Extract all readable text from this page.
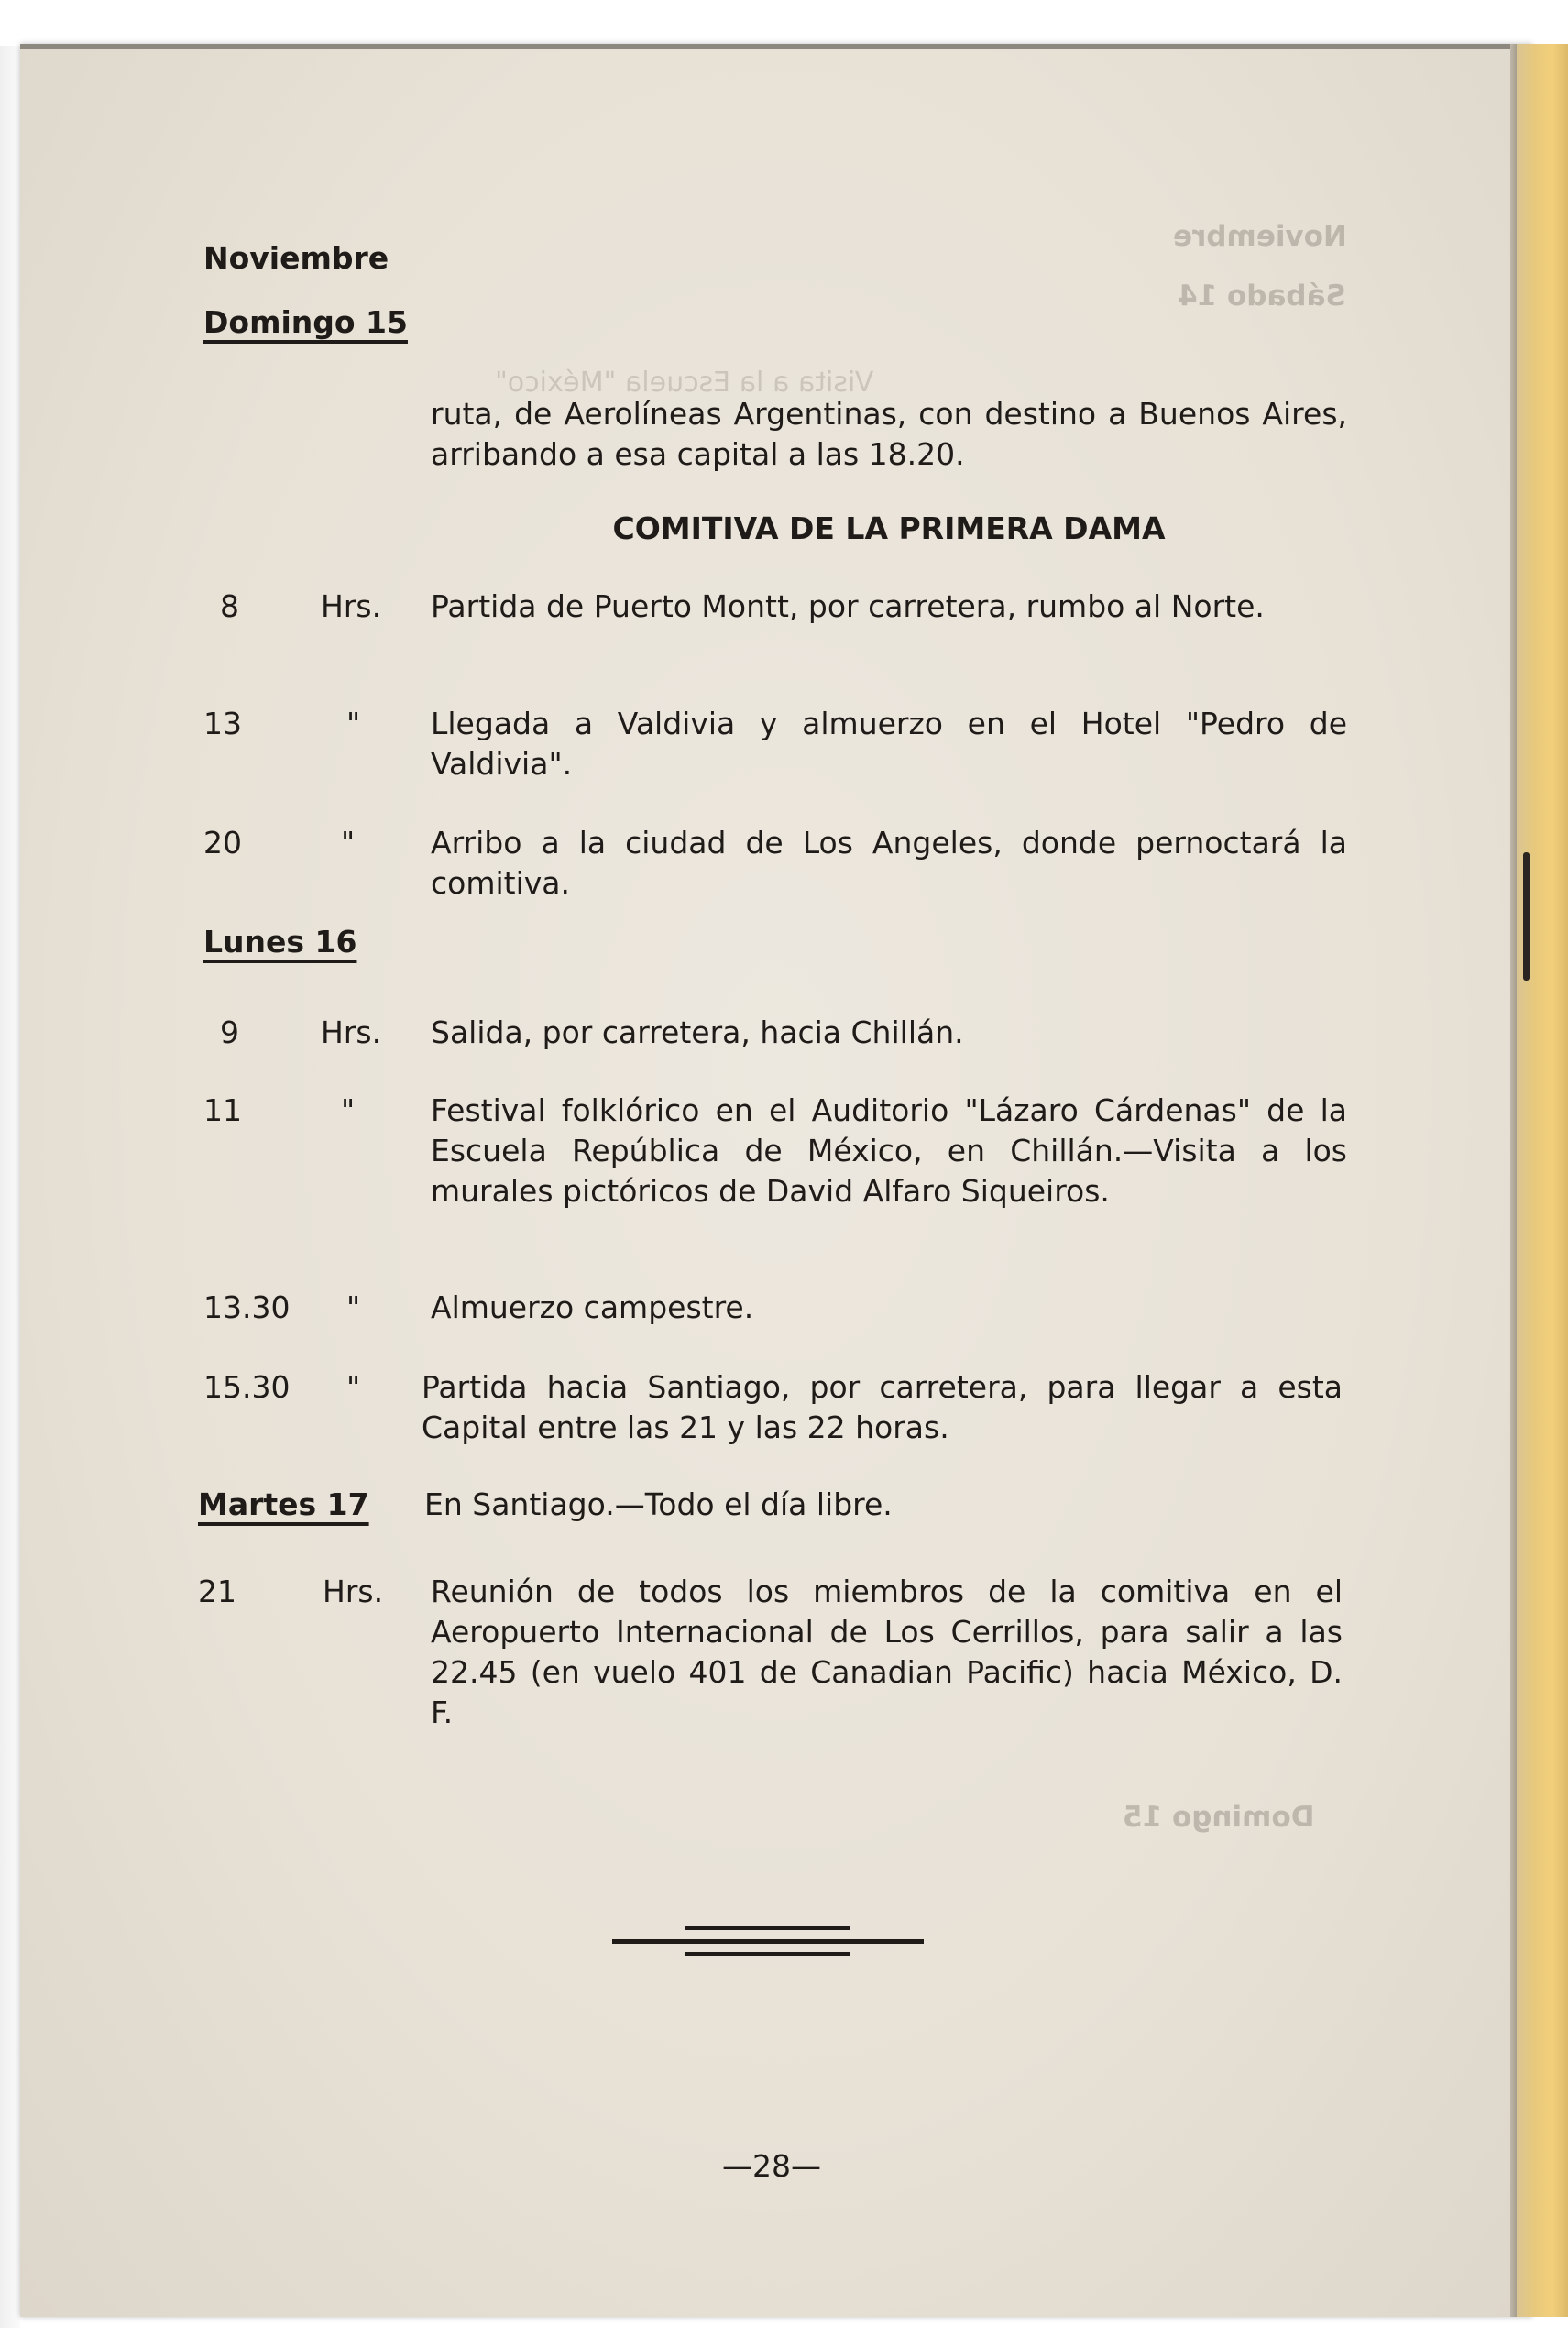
Noviembre
Sábado 14
Visita a la Escuela "México"
Domingo 15
Noviembre
Domingo 15

ruta, de Aerolíneas Argentinas, con destino a Buenos Aires, arribando a esa capital a las 18.20.

COMITIVA DE LA PRIMERA DAMA
8	Hrs. Partida de Puerto Montt, por carretera, rumbo al Norte.

13	" Llegada a Valdivia y almuerzo en el Hotel "Pedro de Valdivia".

20	"	Arribo a la ciudad de Los Angeles, donde pernoctará la comitiva.

Lunes 16
9	Hrs. Salida, por carretera, hacia Chillán.

11	"	Festival folklórico en el Auditorio "Lázaro Cárdenas" de la Escuela República de México, en Chillán.—Visita a los murales pictóricos de David Alfaro Siqueiros.

13.30 " Almuerzo campestre.

15.30 " Partida hacia Santiago, por carretera, para llegar a esta Capital entre las 21 y las 22 horas.

Martes 17 En Santiago.—Todo el día libre.

21	Hrs. Reunión de todos los miembros de la comitiva en el Aeropuerto Internacional de Los Cerrillos, para salir a las 22.45 (en vuelo 401 de Canadian Pacific) hacia México, D. F.

—28—
